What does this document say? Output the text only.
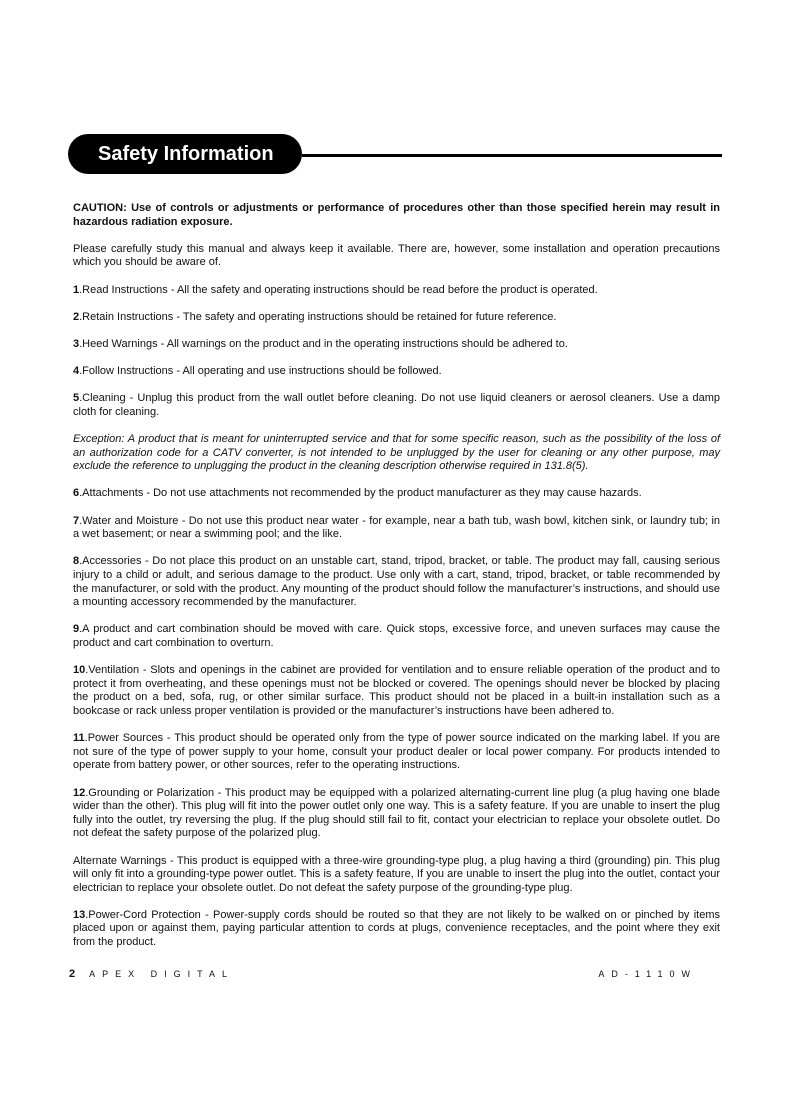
Safety Information

CAUTION: Use of controls or adjustments or performance of procedures other than those specified herein may result in hazardous radiation exposure.

Please carefully study this manual and always keep it available. There are, however, some installation and operation precautions which you should be aware of.

1.Read Instructions - All the safety and operating instructions should be read before the product is operated.

2.Retain Instructions - The safety and operating instructions should be retained for future reference.

3.Heed Warnings - All warnings on the product and in the operating instructions should be adhered to.

4.Follow Instructions - All operating and use instructions should be followed.

5.Cleaning - Unplug this product from the wall outlet before cleaning. Do not use liquid cleaners or aerosol cleaners. Use a damp cloth for cleaning.

Exception: A product that is meant for uninterrupted service and that for some specific reason, such as the possibility of the loss of an authorization code for a CATV converter, is not intended to be unplugged by the user for cleaning or any other purpose, may exclude the reference to unplugging the product in the cleaning description otherwise required in 131.8(5).

6.Attachments - Do not use attachments not recommended by the product manufacturer as they may cause hazards.

7.Water and Moisture - Do not use this product near water - for example, near a bath tub, wash bowl, kitchen sink, or laundry tub; in a wet basement; or near a swimming pool; and the like.

8.Accessories - Do not place this product on an unstable cart, stand, tripod, bracket, or table. The product may fall, causing serious injury to a child or adult, and serious damage to the product. Use only with a cart, stand, tripod, bracket, or table recommended by the manufacturer, or sold with the product. Any mounting of the product should follow the manufacturer’s instructions, and should use a mounting accessory recommended by the manufacturer.

9.A product and cart combination should be moved with care. Quick stops, excessive force, and uneven surfaces may cause the product and cart combination to overturn.

10.Ventilation - Slots and openings in the cabinet are provided for ventilation and to ensure reliable operation of the product and to protect it from overheating, and these openings must not be blocked or covered. The openings should never be blocked by placing the product on a bed, sofa, rug, or other similar surface. This product should not be placed in a built-in installation such as a bookcase or rack unless proper ventilation is provided or the manufacturer’s instructions have been adhered to.

11.Power Sources - This product should be operated only from the type of power source indicated on the marking label. If you are not sure of the type of power supply to your home, consult your product dealer or local power company. For products intended to operate from battery power, or other sources, refer to the operating instructions.

12.Grounding or Polarization - This product may be equipped with a polarized alternating-current line plug (a plug having one blade wider than the other). This plug will fit into the power outlet only one way. This is a safety feature. If you are unable to insert the plug fully into the outlet, try reversing the plug. If the plug should still fail to fit, contact your electrician to replace your obsolete outlet. Do not defeat the safety purpose of the polarized plug.

Alternate Warnings - This product is equipped with a three-wire grounding-type plug, a plug having a third (grounding) pin. This plug will only fit into a grounding-type power outlet. This is a safety feature, If you are unable to insert the plug into the outlet, contact your electrician to replace your obsolete outlet. Do not defeat the safety purpose of the grounding-type plug.

13.Power-Cord Protection - Power-supply cords should be routed so that they are not likely to be walked on or pinched by items placed upon or against them, paying particular attention to cords at plugs, convenience receptacles, and the point where they exit from the product.

2 APEX DIGITAL	AD-1110W
